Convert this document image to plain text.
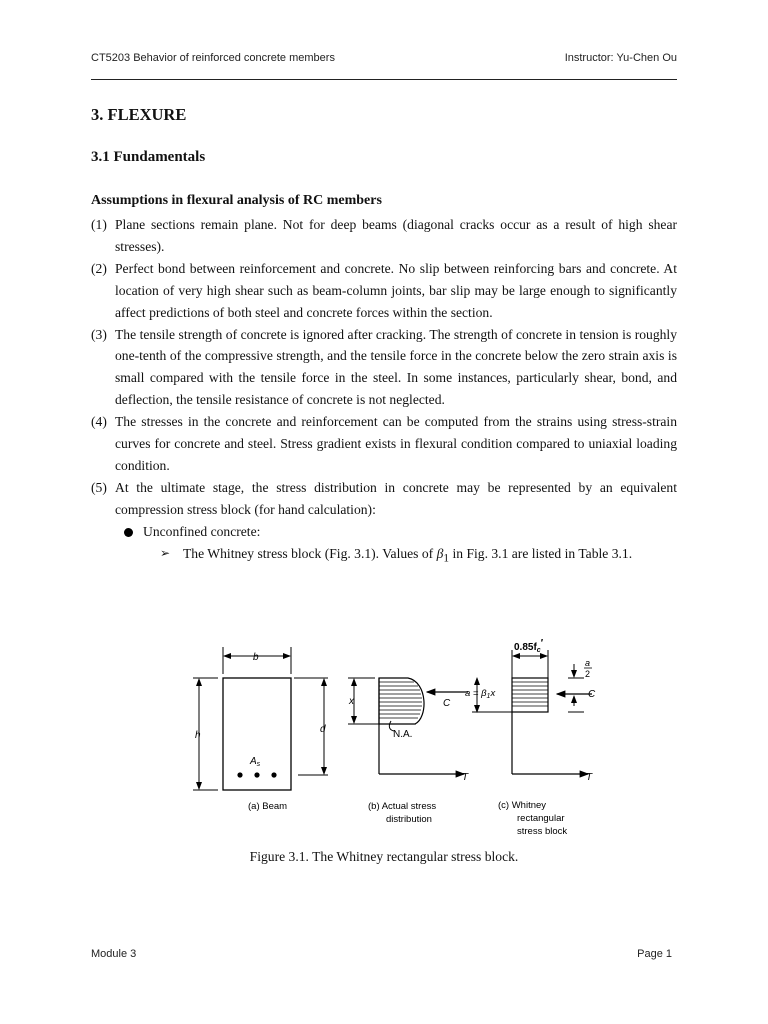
CT5203 Behavior of reinforced concrete members	Instructor: Yu-Chen Ou
3. FLEXURE
3.1 Fundamentals
Assumptions in flexural analysis of RC members
(1) Plane sections remain plane. Not for deep beams (diagonal cracks occur as a result of high shear stresses).
(2) Perfect bond between reinforcement and concrete. No slip between reinforcing bars and concrete. At location of very high shear such as beam-column joints, bar slip may be large enough to significantly affect predictions of both steel and concrete forces within the section.
(3) The tensile strength of concrete is ignored after cracking. The strength of concrete in tension is roughly one-tenth of the compressive strength, and the tensile force in the concrete below the zero strain axis is small compared with the tensile force in the steel. In some instances, particularly shear, bond, and deflection, the tensile resistance of concrete is not neglected.
(4) The stresses in the concrete and reinforcement can be computed from the strains using stress-strain curves for concrete and steel. Stress gradient exists in flexural condition compared to uniaxial loading condition.
(5) At the ultimate stage, the stress distribution in concrete may be represented by an equivalent compression stress block (for hand calculation):
Unconfined concrete:
➢ The Whitney stress block (Fig. 3.1). Values of $\beta_1$ in Fig. 3.1 are listed in Table 3.1.
b
h
d
$A_s$
x	C
N.A.
T
$a = \beta_1x$
$0.85f_c'$
a
2
C
T
(a) Beam	(b) Actual stress
distribution
(c) Whitney
rectangular
stress block
Figure 3.1. The Whitney rectangular stress block.
Module 3	Page 1
